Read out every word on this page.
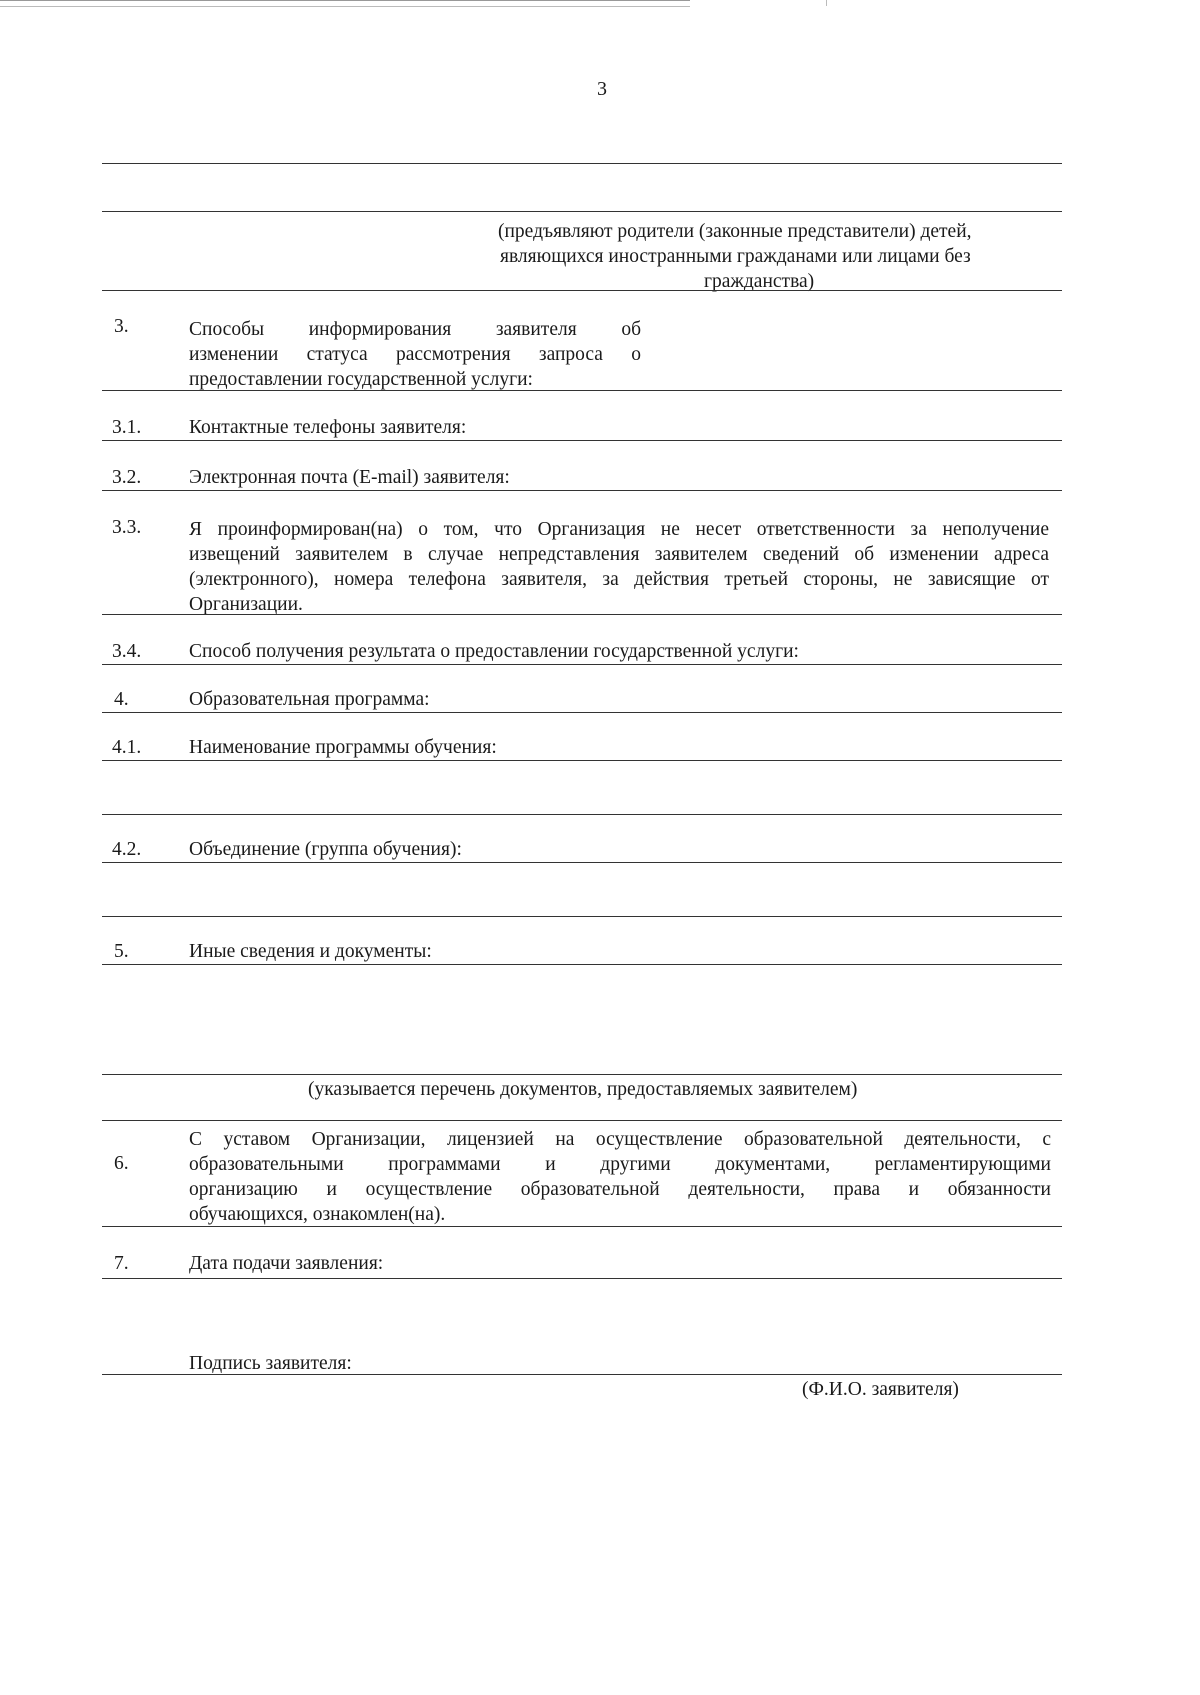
3
(предъявляют родители (законные представители) детей,
являющихся иностранными гражданами или лицами без
гражданства)
3.	Способы информирования заявителя об
изменении статуса рассмотрения запроса о
предоставлении государственной услуги:
3.1. Контактные телефоны заявителя:
3.2. Электронная почта (E-mail) заявителя:
3.3. Я проинформирован(на) о том, что Организация не несет ответственности за неполучение
извещений заявителем в случае непредставления заявителем сведений об изменении адреса
(электронного), номера телефона заявителя, за действия третьей стороны, не зависящие от
Организации.
3.4. Способ получения результата о предоставлении государственной услуги:
4.	Образовательная программа:
4.1. Наименование программы обучения:
4.2. Объединение (группа обучения):
5.	Иные сведения и документы:
(указывается перечень документов, предоставляемых заявителем)
6.
С уставом Организации, лицензией на осуществление образовательной деятельности, с
образовательными программами и другими документами, регламентирующими
организацию и осуществление образовательной деятельности, права и обязанности
обучающихся, ознакомлен(на).
7.	Дата подачи заявления:
Подпись заявителя:
(Ф.И.О. заявителя)
